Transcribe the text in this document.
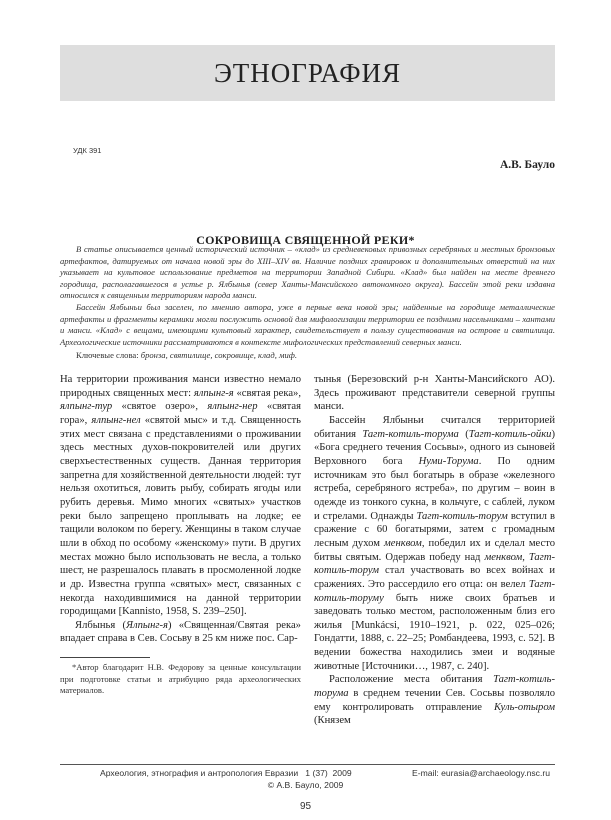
ЭТНОГРАФИЯ
УДК 391
А.В. Бауло
СОКРОВИЩА СВЯЩЕННОЙ РЕКИ*

В статье описывается ценный исторический источник – «клад» из средневековых привозных серебряных и местных бронзовых артефактов, датируемых от начала новой эры до XIII–XIV вв. Наличие поздних гравировок и дополнительных отверстий на них указывает на культовое использование предметов на территории Западной Сибири. «Клад» был найден на месте древнего городища, располагавшегося в устье р. Ялбынья (север Ханты-Мансийского автономного округа). Бассейн этой реки издавна относился к священным территориям народа манси.

Бассейн Ялбыньи был заселен, по мнению автора, уже в первые века новой эры; найденные на городище металлические артефакты и фрагменты керамики могли послужить основой для мифологизации территории ее поздними насельниками – хантами и манси. «Клад» с вещами, имеющими культовый характер, свидетельствует в пользу существования на острове и святилища. Археологические источники рассматриваются в контексте мифологических представлений северных манси.

Ключевые слова: бронза, святилище, сокровище, клад, миф.

На территории проживания манси известно немало природных священных мест: ялпынг-я «святая река», ялпынг-тур «святое озеро», ялпынг-нер «святая гора», ялпынг-нел «святой мыс» и т.д. Священность этих мест связана с представлениями о проживании здесь местных духов-покровителей или других сверхъестественных существ. Данная территория запретна для хозяйственной деятельности людей: тут нельзя охотиться, ловить рыбу, собирать ягоды или рубить деревья. Мимо многих «святых» участков реки было запрещено проплывать на лодке; ее тащили волоком по берегу. Женщины в таком случае шли в обход по особому «женскому» пути. В других местах можно было использовать не весла, а только шест, не разрешалось плавать в просмоленной лодке и др. Известна группа «святых» мест, связанных с некогда находившимися на данной территории городищами [Kannisto, 1958, S. 239–250].

Ялбынья (Ялпынг-я) «Священная/Святая река» впадает справа в Сев. Сосьву в 25 км ниже пос. Сар-

тынья (Березовский р-н Ханты-Мансийского АО). Здесь проживают представители северной группы манси.

Бассейн Ялбыньи считался территорией обитания Тагт-котиль-торума (Тагт-котиль-ойки) «Бога среднего течения Сосьвы», одного из сыновей Верховного бога Нуми-Торума. По одним источникам это был богатырь в образе «железного ястреба, серебряного ястреба», по другим – воин в одежде из тонкого сукна, в кольчуге, с саблей, луком и стрелами. Однажды Тагт-котиль-торум вступил в сражение с 60 богатырями, затем с громадным лесным духом менквом, победил их и сделал место битвы святым. Одержав победу над менквом, Тагт-котиль-торум стал участвовать во всех войнах и сражениях. Это рассердило его отца: он велел Тагт-котиль-торуму быть ниже своих братьев и заведовать только местом, расположенным близ его жилья [Munkácsi, 1910–1921, p. 022, 025–026; Гондатти, 1888, с. 22–25; Ромбандеева, 1993, с. 52]. В ведении божества находились змеи и водяные животные [Источники…, 1987, с. 240].

Расположение места обитания Тагт-котиль-торума в среднем течении Сев. Сосьвы позволяло ему контролировать отправление Куль-отыром (Князем

*Автор благодарит Н.В. Федорову за ценные консультации при подготовке статьи и атрибуцию ряда археологических материалов.

Археология, этнография и антропология Евразии   1 (37)  2009	E-mail: eurasia@archaeology.nsc.ru
© А.В. Бауло, 2009
95
